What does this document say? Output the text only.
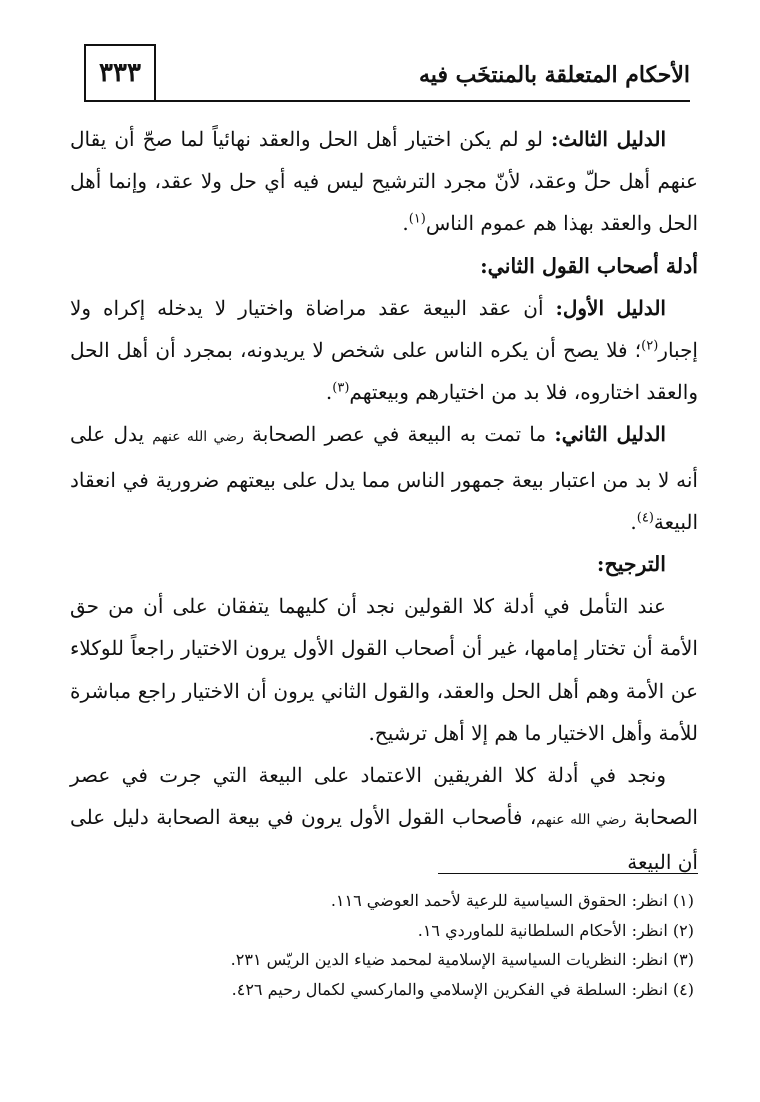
٣٣٣	الأحكام المتعلقة بالمنتخَب فيه

الدليل الثالث: لو لم يكن اختيار أهل الحل والعقد نهائياً لما صحّ أن يقال عنهم أهل حلّ وعقد، لأنّ مجرد الترشيح ليس فيه أي حل ولا عقد، وإنما أهل الحل والعقد بهذا هم عموم الناس$^{(١)}$.

أدلة أصحاب القول الثاني:

الدليل الأول: أن عقد البيعة عقد مراضاة واختيار لا يدخله إكراه ولا إجبار$^{(٢)}$؛ فلا يصح أن يكره الناس على شخص لا يريدونه، بمجرد أن أهل الحل والعقد اختاروه، فلا بد من اختيارهم وبيعتهم$^{(٣)}$.

الدليل الثاني: ما تمت به البيعة في عصر الصحابة رضي الله عنهم يدل على أنه لا بد من اعتبار بيعة جمهور الناس مما يدل على بيعتهم ضرورية في انعقاد البيعة$^{(٤)}$.

الترجيح:

عند التأمل في أدلة كلا القولين نجد أن كليهما يتفقان على أن من حق الأمة أن تختار إمامها، غير أن أصحاب القول الأول يرون الاختيار راجعاً للوكلاء عن الأمة وهم أهل الحل والعقد، والقول الثاني يرون أن الاختيار راجع مباشرة للأمة وأهل الاختيار ما هم إلا أهل ترشيح.

ونجد في أدلة كلا الفريقين الاعتماد على البيعة التي جرت في عصر الصحابة رضي الله عنهم، فأصحاب القول الأول يرون في بيعة الصحابة دليل على أن البيعة

(١) انظر: الحقوق السياسية للرعية لأحمد العوضي ١١٦.
(٢) انظر: الأحكام السلطانية للماوردي ١٦.
(٣) انظر: النظريات السياسية الإسلامية لمحمد ضياء الدين الريّس ٢٣١.
(٤) انظر: السلطة في الفكرين الإسلامي والماركسي لكمال رحيم ٤٢٦.
